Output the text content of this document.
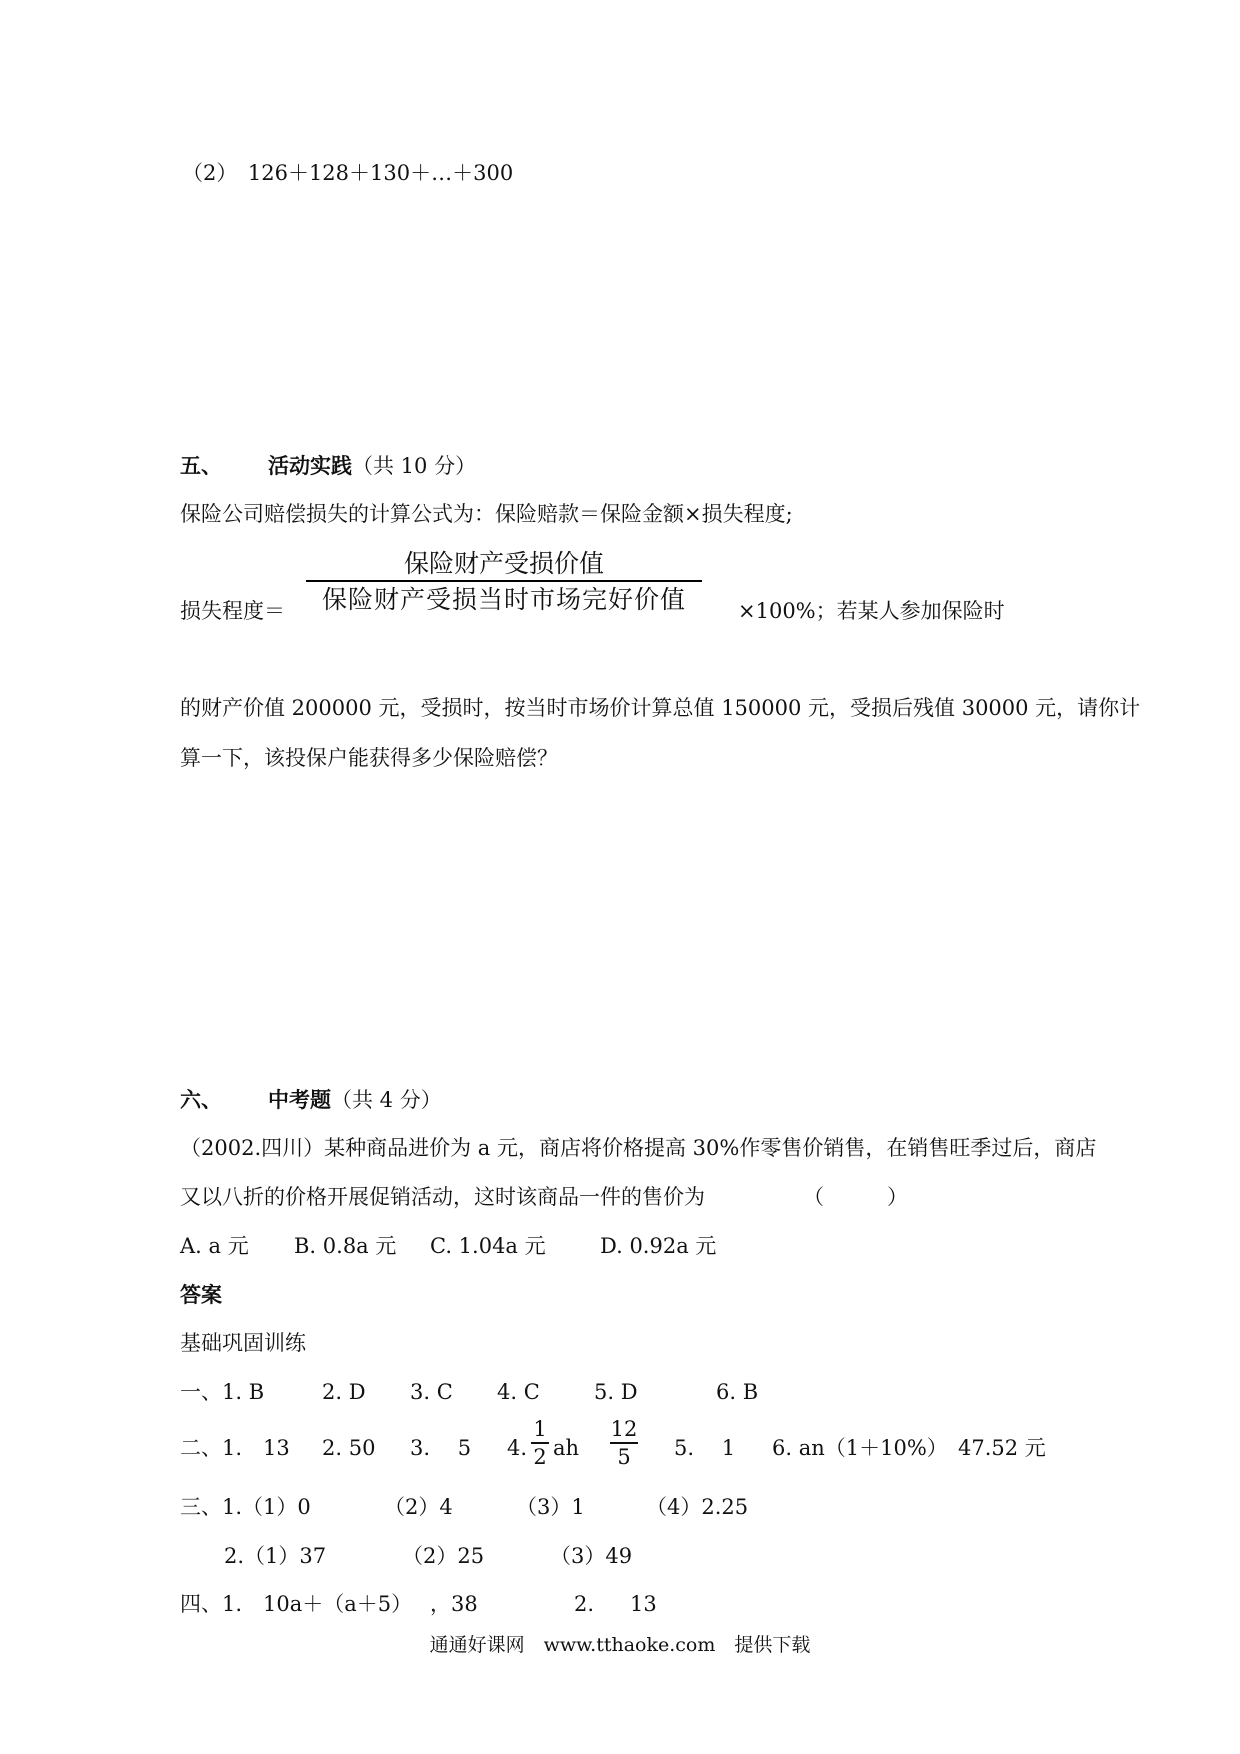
（2）　126＋128＋130＋…＋300
五、 活动实践（共 10 分）
保险公司赔偿损失的计算公式为：保险赔款＝保险金额×损失程度;
损失程度＝
保险财产受损价值
保险财产受损当时市场完好价值	×100%；若某人参加保险时
的财产价值 200000 元，受损时，按当时市场价计算总值 150000 元，受损后残值 30000 元，请你计
算一下，该投保户能获得多少保险赔偿？
六、 中考题（共 4 分）
（2002.四川）某种商品进价为 a 元，商店将价格提高 30%作零售价销售，在销售旺季过后，商店
又以八折的价格开展促销活动，这时该商品一件的售价为	（　　　）
A. a 元 B. 0.8a 元 C. 1.04a 元	D. 0.92a 元
答案
基础巩固训练
一、1. B	2. D 3. C 4. C	5. D	6. B
二、1.　13 2. 50 3.　 5 4.
1
2 ah
12
5	5.　 1 6. an（1＋10%） 47.52 元
三、1.（1）0	（2）4	（3）1	（4）2.25
2.（1）37	（2）25	（3）49
四、1.　10a＋（a＋5） ，38	2. 13
通通好课网　www.tthaoke.com　提供下载
